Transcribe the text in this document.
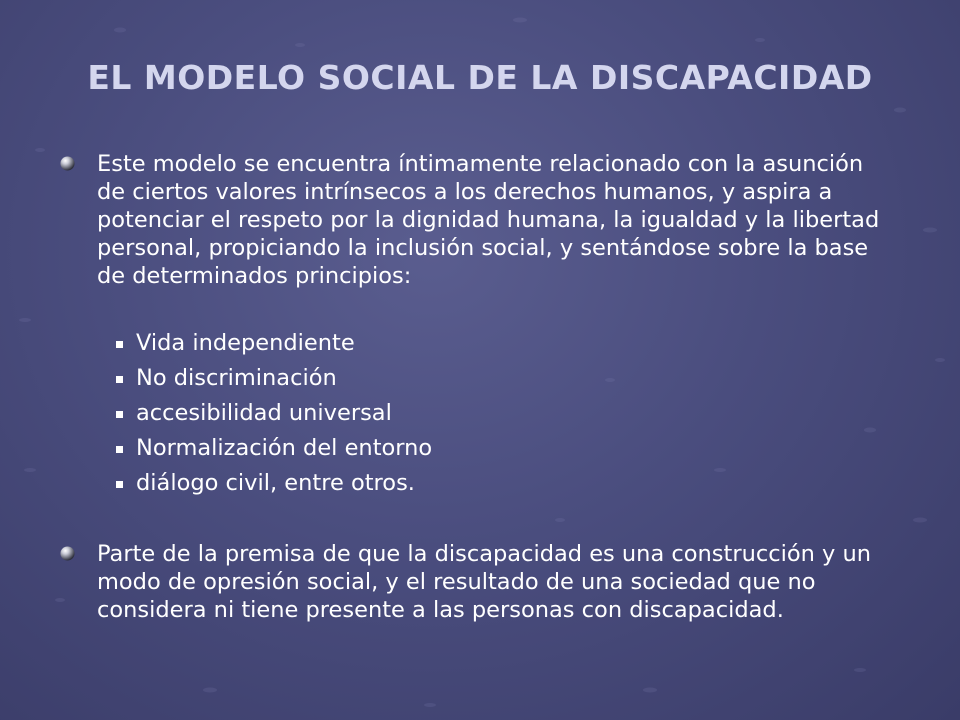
EL MODELO SOCIAL DE LA DISCAPACIDAD

Este modelo se encuentra íntimamente relacionado con la asunción de ciertos valores intrínsecos a los derechos humanos, y aspira a potenciar el respeto por la dignidad humana, la igualdad y la libertad personal, propiciando la inclusión social, y sentándose sobre la base de determinados principios:

Vida independiente
No discriminación
accesibilidad universal
Normalización del entorno
diálogo civil, entre otros.

Parte de la premisa de que la discapacidad es una construcción y un modo de opresión social, y el resultado de una sociedad que no considera ni tiene presente a las personas con discapacidad.
